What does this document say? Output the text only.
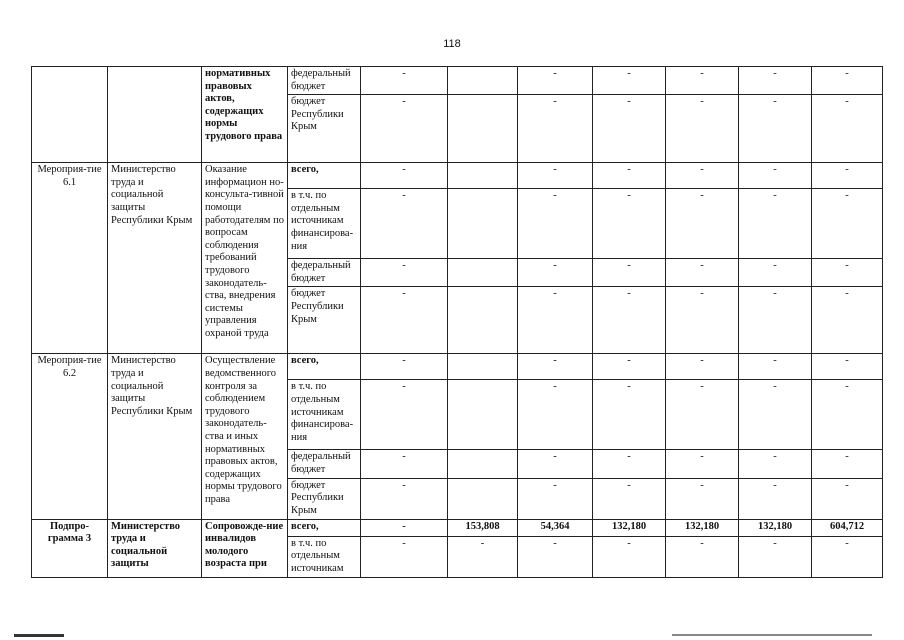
118
		нормативных правовых актов, содержащих нормы трудового права	федеральный бюджет	-		-	-	-	-	-
			бюджет Республики Крым	-		-	-	-	-	-
Мероприя-тие 6.1	Министерство труда и социальной защиты Республики Крым	Оказание информацион но-консульта-тивной помощи работодателям по вопросам соблюдения требований трудового законодатель-ства, внедрения системы управления охраной труда	всего,	-		-	-	-	-	-
			в т.ч. по отдельным источникам финансирова-ния	-		-	-	-	-	-
			федеральный бюджет	-		-	-	-	-	-
			бюджет Республики Крым	-		-	-	-	-	-
Мероприя-тие 6.2	Министерство труда и социальной защиты Республики Крым	Осуществление ведомственного контроля за соблюдением трудового законодатель-ства и иных нормативных правовых актов, содержащих нормы трудового права	всего,	-		-	-	-	-	-
			в т.ч. по отдельным источникам финансирова-ния	-		-	-	-	-	-
			федеральный бюджет	-		-	-	-	-	-
			бюджет Республики Крым	-		-	-	-	-	-
Подпро-грамма 3	Министерство труда и социальной защиты	Сопровожде-ние инвалидов молодого возраста при	всего,	-	153,808	54,364	132,180	132,180	132,180	604,712
			в т.ч. по отдельным источникам	-	-	-	-	-	-	-
